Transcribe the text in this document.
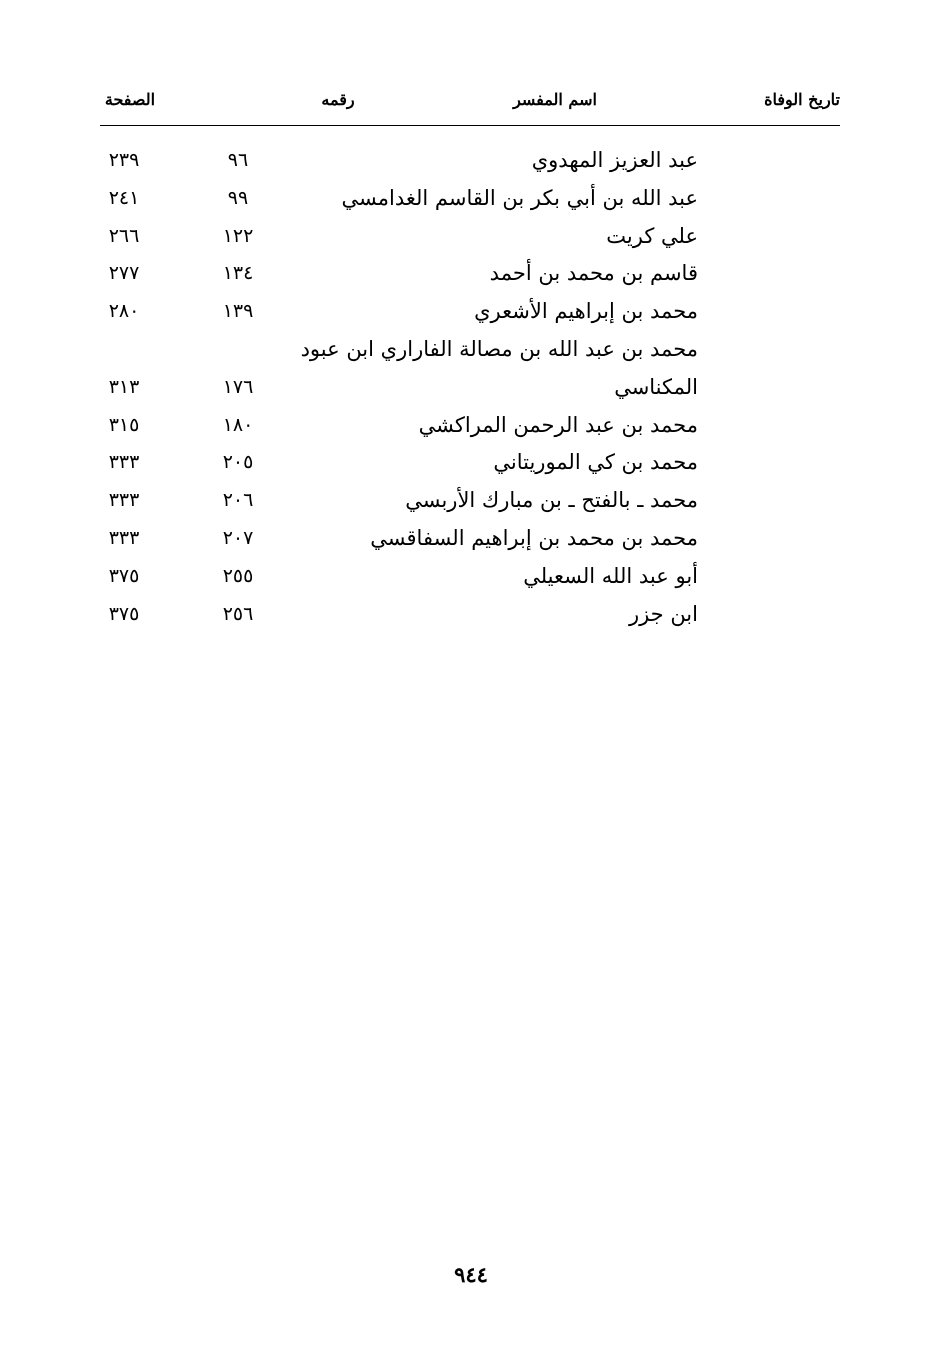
تاريخ الوفاة
اسم المفسر
رقمه
الصفحة
عبد العزيز المهدوي
٩٦
٢٣٩
عبد الله بن أبي بكر بن القاسم الغدامسي
٩٩
٢٤١
علي كريت
١٢٢
٢٦٦
قاسم بن محمد بن أحمد
١٣٤
٢٧٧
محمد بن إبراهيم الأشعري
١٣٩
٢٨٠
محمد بن عبد الله بن مصالة الفاراري ابن عبود
المكناسي
١٧٦
٣١٣
محمد بن عبد الرحمن المراكشي
١٨٠
٣١٥
محمد بن كي الموريتاني
٢٠٥
٣٣٣
محمد ـ بالفتح ـ بن مبارك الأربسي
٢٠٦
٣٣٣
محمد بن محمد بن إبراهيم السفاقسي
٢٠٧
٣٣٣
أبو عبد الله السعيلي
٢٥٥
٣٧٥
ابن جزر
٢٥٦
٣٧٥
٩٤٤
